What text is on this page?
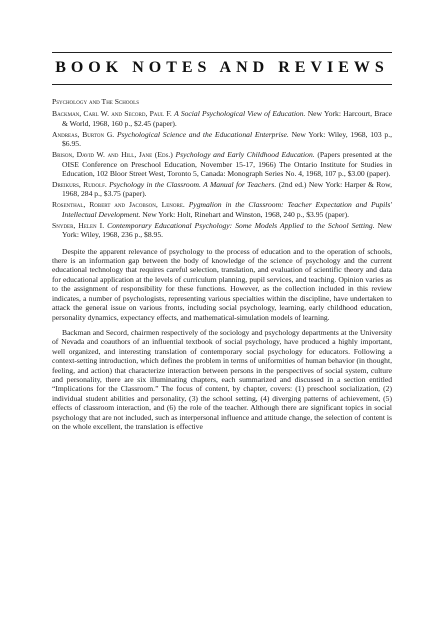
BOOK NOTES AND REVIEWS
Psychology and The Schools

Backman, Carl W. and Secord, Paul F. A Social Psychological View of Education. New York: Harcourt, Brace & World, 1968, 160 p., $2.45 (paper).

Andreas, Burton G. Psychological Science and the Educational Enterprise. New York: Wiley, 1968, 103 p., $6.95.

Brison, David W. and Hill, Jane (Eds.) Psychology and Early Childhood Education. (Papers presented at the OISE Conference on Preschool Education, November 15-17, 1966) The Ontario Institute for Studies in Education, 102 Bloor Street West, Toronto 5, Canada: Monograph Series No. 4, 1968, 107 p., $3.00 (paper).

Dreikurs, Rudolf. Psychology in the Classroom. A Manual for Teachers. (2nd ed.) New York: Harper & Row, 1968, 284 p., $3.75 (paper).

Rosenthal, Robert and Jacobson, Lenore. Pygmalion in the Classroom: Teacher Expectation and Pupils' Intellectual Development. New York: Holt, Rinehart and Winston, 1968, 240 p., $3.95 (paper).

Snyder, Helen I. Contemporary Educational Psychology: Some Models Applied to the School Setting. New York: Wiley, 1968, 236 p., $8.95.

Despite the apparent relevance of psychology to the process of education and to the operation of schools, there is an information gap between the body of knowledge of the science of psychology and the current educational technology that requires careful selection, translation, and evaluation of scientific theory and data for educational application at the levels of curriculum planning, pupil services, and teaching. Opinion varies as to the assignment of responsibility for these functions. However, as the collection included in this review indicates, a number of psychologists, representing various specialties within the discipline, have undertaken to attack the general issue on various fronts, including social psychology, learning, early childhood education, personality dynamics, expectancy effects, and mathematical-simulation models of learning.

Backman and Secord, chairmen respectively of the sociology and psychology departments at the University of Nevada and coauthors of an influential textbook of social psychology, have produced a highly important, well organized, and interesting translation of contemporary social psychology for educators. Following a context-setting introduction, which defines the problem in terms of uniformities of human behavior (in thought, feeling, and action) that characterize interaction between persons in the perspectives of social system, culture and personality, there are six illuminating chapters, each summarized and discussed in a section entitled “Implications for the Classroom.” The focus of content, by chapter, covers: (1) preschool socialization, (2) individual student abilities and personality, (3) the school setting, (4) diverging patterns of achievement, (5) effects of classroom interaction, and (6) the role of the teacher. Although there are significant topics in social psychology that are not included, such as interpersonal influence and attitude change, the selection of content is on the whole excellent, the translation is effective
